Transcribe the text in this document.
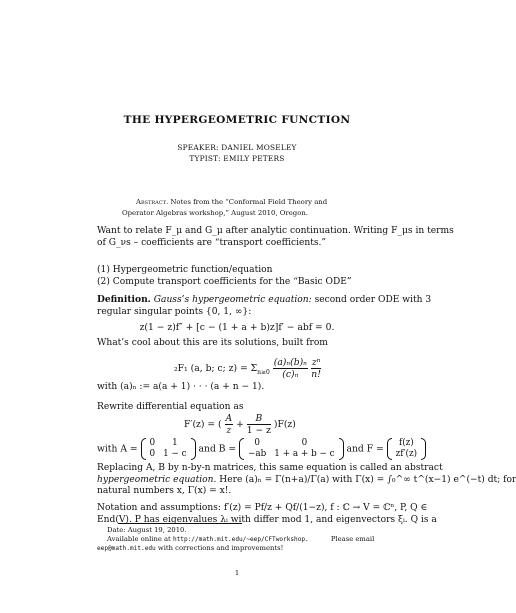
THE HYPERGEOMETRIC FUNCTION
SPEAKER: DANIEL MOSELEY
TYPIST: EMILY PETERS
Abstract. Notes from the “Conformal Field Theory and Operator Algebras workshop,” August 2010, Oregon.
Want to relate F_μ and G_μ after analytic continuation. Writing F_μs in terms
of G_νs – coefficients are “transport coefficients.”
(1) Hypergeometric function/equation
(2) Compute transport coefficients for the “Basic ODE”
Definition. Gauss’s hypergeometric equation: second order ODE with 3
regular singular points {0, 1, ∞}:
z(1 − z)f″ + [c − (1 + a + b)z]f′ − abf = 0.
What’s cool about this are its solutions, built from
₂F₁ (a, b; c; $z) = \Sigma_{n\ge 0} \frac{\text{(a)ₙ(b)ₙ}}{\text{(c)ₙ}}$
$\frac{\text{zⁿ}}{n!}$
with (a)ₙ := a(a + 1) · · · (a + n − 1).
Rewrite differential equation as
F′(z) = ( $\frac{A}{z} + \frac{B}{1 - z} )F(z)$
with A =
0	1
0	1 − c and B =
0	0
−ab	1 + a + b − c and F =
f(z)
zf′(z)
Replacing A, B by n-by-n matrices, this same equation is called an abstract
hypergeometric equation. Here (a)ₙ = Γ(n+a)/Γ(a) with Γ(x) = ∫₀^∞ t^(x−1) e^(−t) dt; for
natural numbers x, Γ(x) = x!.
Notation and assumptions: f′(z) = Pf/z + Qf/(1−z), f : ℂ → V = ℂⁿ, P, Q ∈
End(V). P has eigenvalues λᵢ with differ mod 1, and eigenvectors ξᵢ. Q is a
Date: August 19, 2010.
Available online at http://math.mit.edu/~eep/CFTworkshop.	Please email
eep@math.mit.edu with corrections and improvements!
1
